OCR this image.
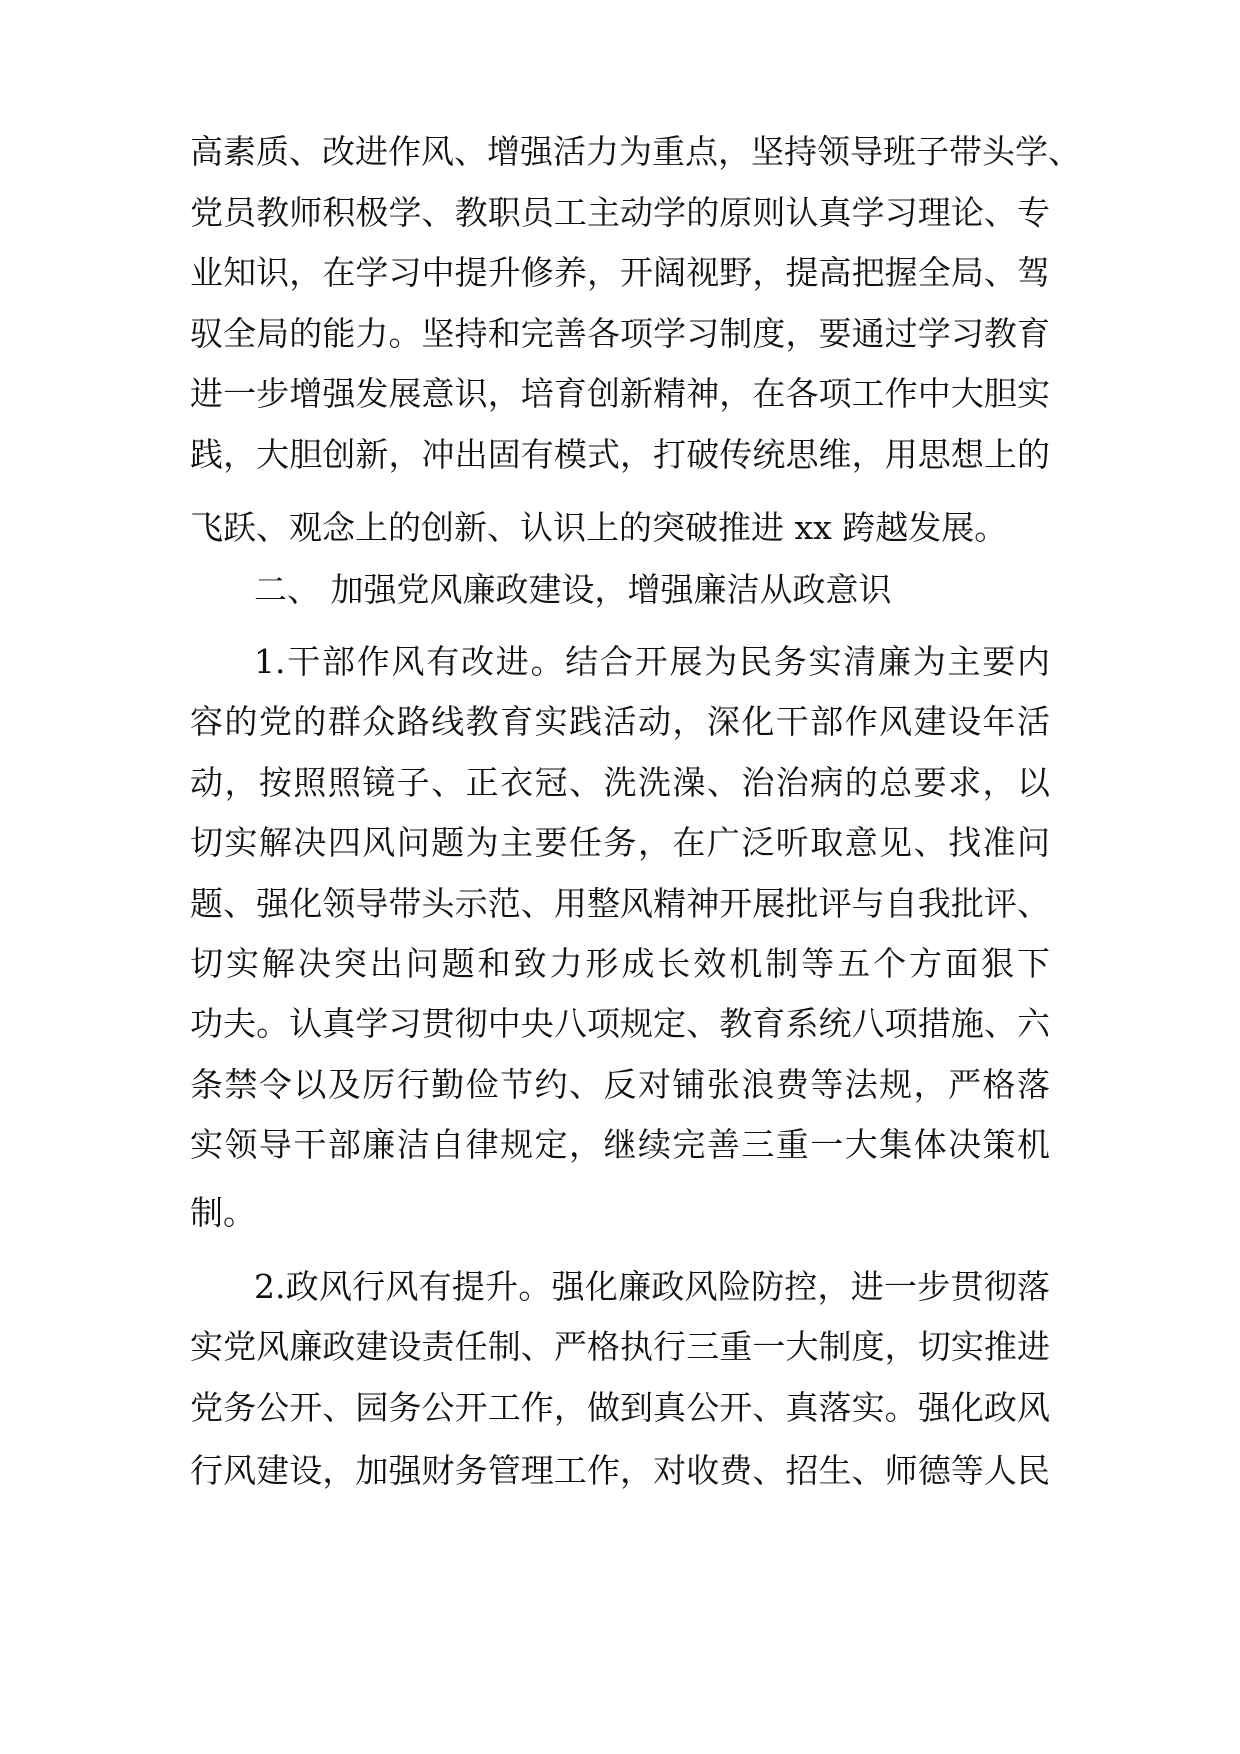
高素质、改进作风、增强活力为重点，坚持领导班子带头学、
党员教师积极学、教职员工主动学的原则认真学习理论、专
业知识，在学习中提升修养，开阔视野，提高把握全局、驾
驭全局的能力。坚持和完善各项学习制度，要通过学习教育
进一步增强发展意识，培育创新精神，在各项工作中大胆实
践，大胆创新，冲出固有模式，打破传统思维，用思想上的
飞跃、观念上的创新、认识上的突破推进 xx 跨越发展。
二、 加强党风廉政建设，增强廉洁从政意识
1.干部作风有改进。结合开展为民务实清廉为主要内
容的党的群众路线教育实践活动，深化干部作风建设年活
动，按照照镜子、正衣冠、洗洗澡、治治病的总要求，以
切实解决四风问题为主要任务，在广泛听取意见、找准问
题、强化领导带头示范、用整风精神开展批评与自我批评、
切实解决突出问题和致力形成长效机制等五个方面狠下
功夫。认真学习贯彻中央八项规定、教育系统八项措施、六
条禁令以及厉行勤俭节约、反对铺张浪费等法规，严格落
实领导干部廉洁自律规定，继续完善三重一大集体决策机
制。
2.政风行风有提升。强化廉政风险防控，进一步贯彻落
实党风廉政建设责任制、严格执行三重一大制度，切实推进
党务公开、园务公开工作，做到真公开、真落实。强化政风
行风建设，加强财务管理工作，对收费、招生、师德等人民
